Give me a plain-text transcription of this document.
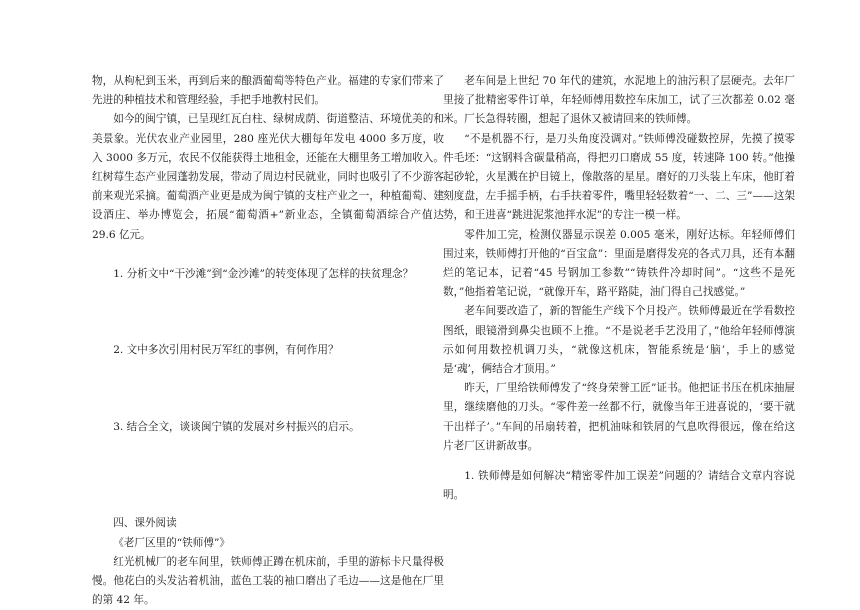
物，从枸杞到玉米，再到后来的酿酒葡萄等特色产业。福建的专家们带来了先进的种植技术和管理经验，手把手地教村民们。

如今的闽宁镇，已呈现红瓦白柱、绿树成荫、街道整洁、环境优美的和美景象。光伏农业产业园里，280 座光伏大棚每年发电 4000 多万度，收入 3000 多万元，农民不仅能获得土地租金，还能在大棚里务工增加收入。红树莓生态产业园蓬勃发展，带动了周边村民就业，同时也吸引了不少游客前来观光采摘。葡萄酒产业更是成为闽宁镇的支柱产业之一，种植葡萄、建设酒庄、举办博览会，拓展“葡萄酒+”新业态，全镇葡萄酒综合产值达 29.6 亿元。

1. 分析文中“干沙滩”到“金沙滩”的转变体现了怎样的扶贫理念？

2. 文中多次引用村民万军红的事例，有何作用？

3. 结合全文，谈谈闽宁镇的发展对乡村振兴的启示。

四、课外阅读

《老厂区里的“铁师傅”》

红光机械厂的老车间里，铁师傅正蹲在机床前，手里的游标卡尺量得极慢。他花白的头发沾着机油，蓝色工装的袖口磨出了毛边——这是他在厂里的第 42 年。

老车间是上世纪 70 年代的建筑，水泥地上的油污积了层硬壳。去年厂里接了批精密零件订单，年轻师傅用数控车床加工，试了三次都差 0.02 毫米。厂长急得转圈，想起了退休又被请回来的铁师傅。

“不是机器不行，是刀头角度没调对。”铁师傅没碰数控屏，先摸了摸零件毛坯：“这钢料含碳量稍高，得把刃口磨成 55 度，转速降 100 转。”他操起砂轮，火星溅在护目镜上，像散落的星星。磨好的刀头装上车床，他盯着刻度盘，左手摇手柄，右手扶着零件，嘴里轻轻数着“一、二、三”——这架势，和王进喜“跳进泥浆池拌水泥”的专注一模一样。

零件加工完，检测仪器显示误差 0.005 毫米，刚好达标。年轻师傅们围过来，铁师傅打开他的“百宝盒”：里面是磨得发亮的各式刀具，还有本翻烂的笔记本，记着“45 号钢加工参数”“铸铁件冷却时间”。“这些不是死数，”他指着笔记说，“就像开车，路平路陡，油门得自己找感觉。”

老车间要改造了，新的智能生产线下个月投产。铁师傅最近在学看数控图纸，眼镜滑到鼻尖也顾不上推。“不是说老手艺没用了，”他给年轻师傅演示如何用数控机调刀头，“就像这机床，智能系统是‘脑’，手上的感觉是‘魂’，俩结合才顶用。”

昨天，厂里给铁师傅发了“终身荣誉工匠”证书。他把证书压在机床抽屉里，继续磨他的刀头。“零件差一丝都不行，就像当年王进喜说的，‘要干就干出样子’。”车间的吊扇转着，把机油味和铁屑的气息吹得很远，像在给这片老厂区讲新故事。

1. 铁师傅是如何解决“精密零件加工误差”问题的？请结合文章内容说明。
